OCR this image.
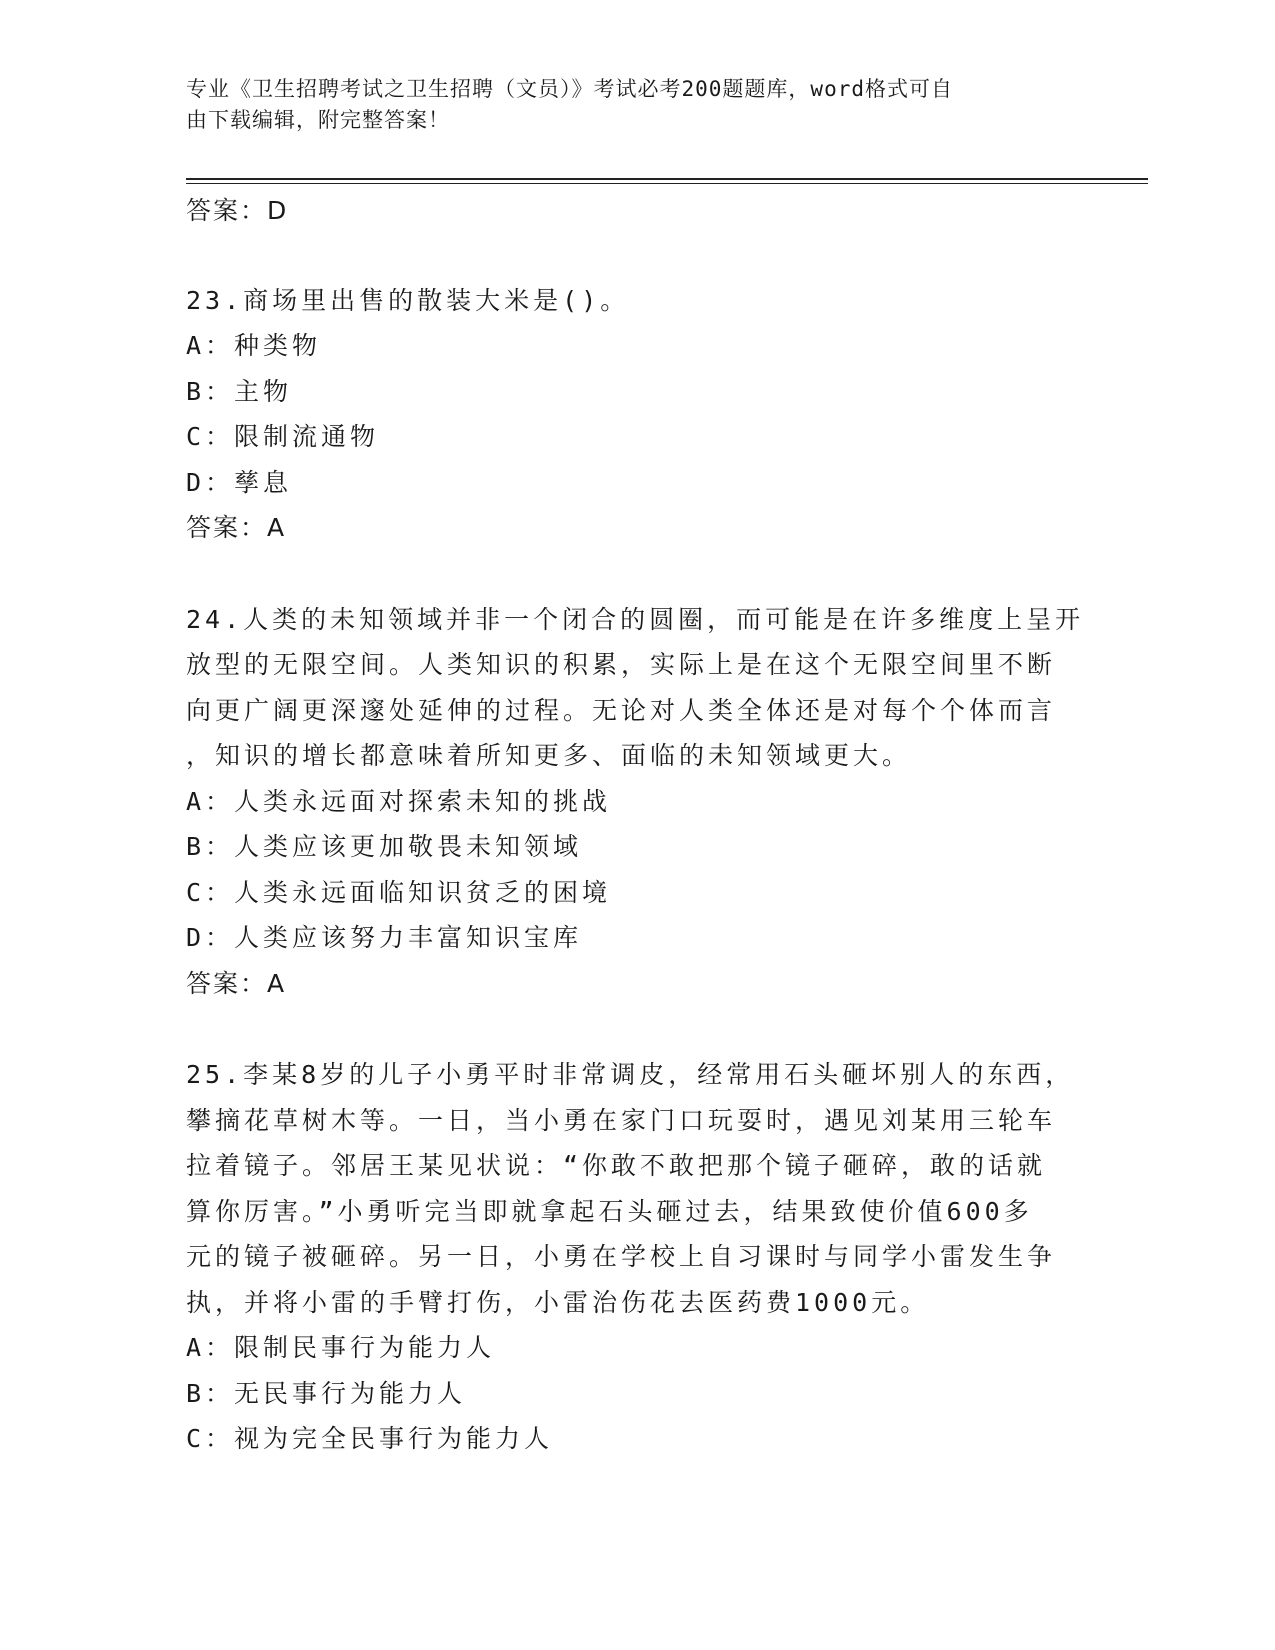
专业《卫生招聘考试之卫生招聘（文员）》考试必考200题题库，word格式可自
由下载编辑，附完整答案！
答案：D
23.商场里出售的散装大米是()。
A：种类物
B：主物
C：限制流通物
D：孳息
答案：A
24.人类的未知领域并非一个闭合的圆圈，而可能是在许多维度上呈开
放型的无限空间。人类知识的积累，实际上是在这个无限空间里不断
向更广阔更深邃处延伸的过程。无论对人类全体还是对每个个体而言
，知识的增长都意味着所知更多、面临的未知领域更大。
A：人类永远面对探索未知的挑战
B：人类应该更加敬畏未知领域
C：人类永远面临知识贫乏的困境
D：人类应该努力丰富知识宝库
答案：A
25.李某8岁的儿子小勇平时非常调皮，经常用石头砸坏别人的东西，
攀摘花草树木等。一日，当小勇在家门口玩耍时，遇见刘某用三轮车
拉着镜子。邻居王某见状说：“你敢不敢把那个镜子砸碎，敢的话就
算你厉害。”小勇听完当即就拿起石头砸过去，结果致使价值600多
元的镜子被砸碎。另一日，小勇在学校上自习课时与同学小雷发生争
执，并将小雷的手臂打伤，小雷治伤花去医药费1000元。
A：限制民事行为能力人
B：无民事行为能力人
C：视为完全民事行为能力人
